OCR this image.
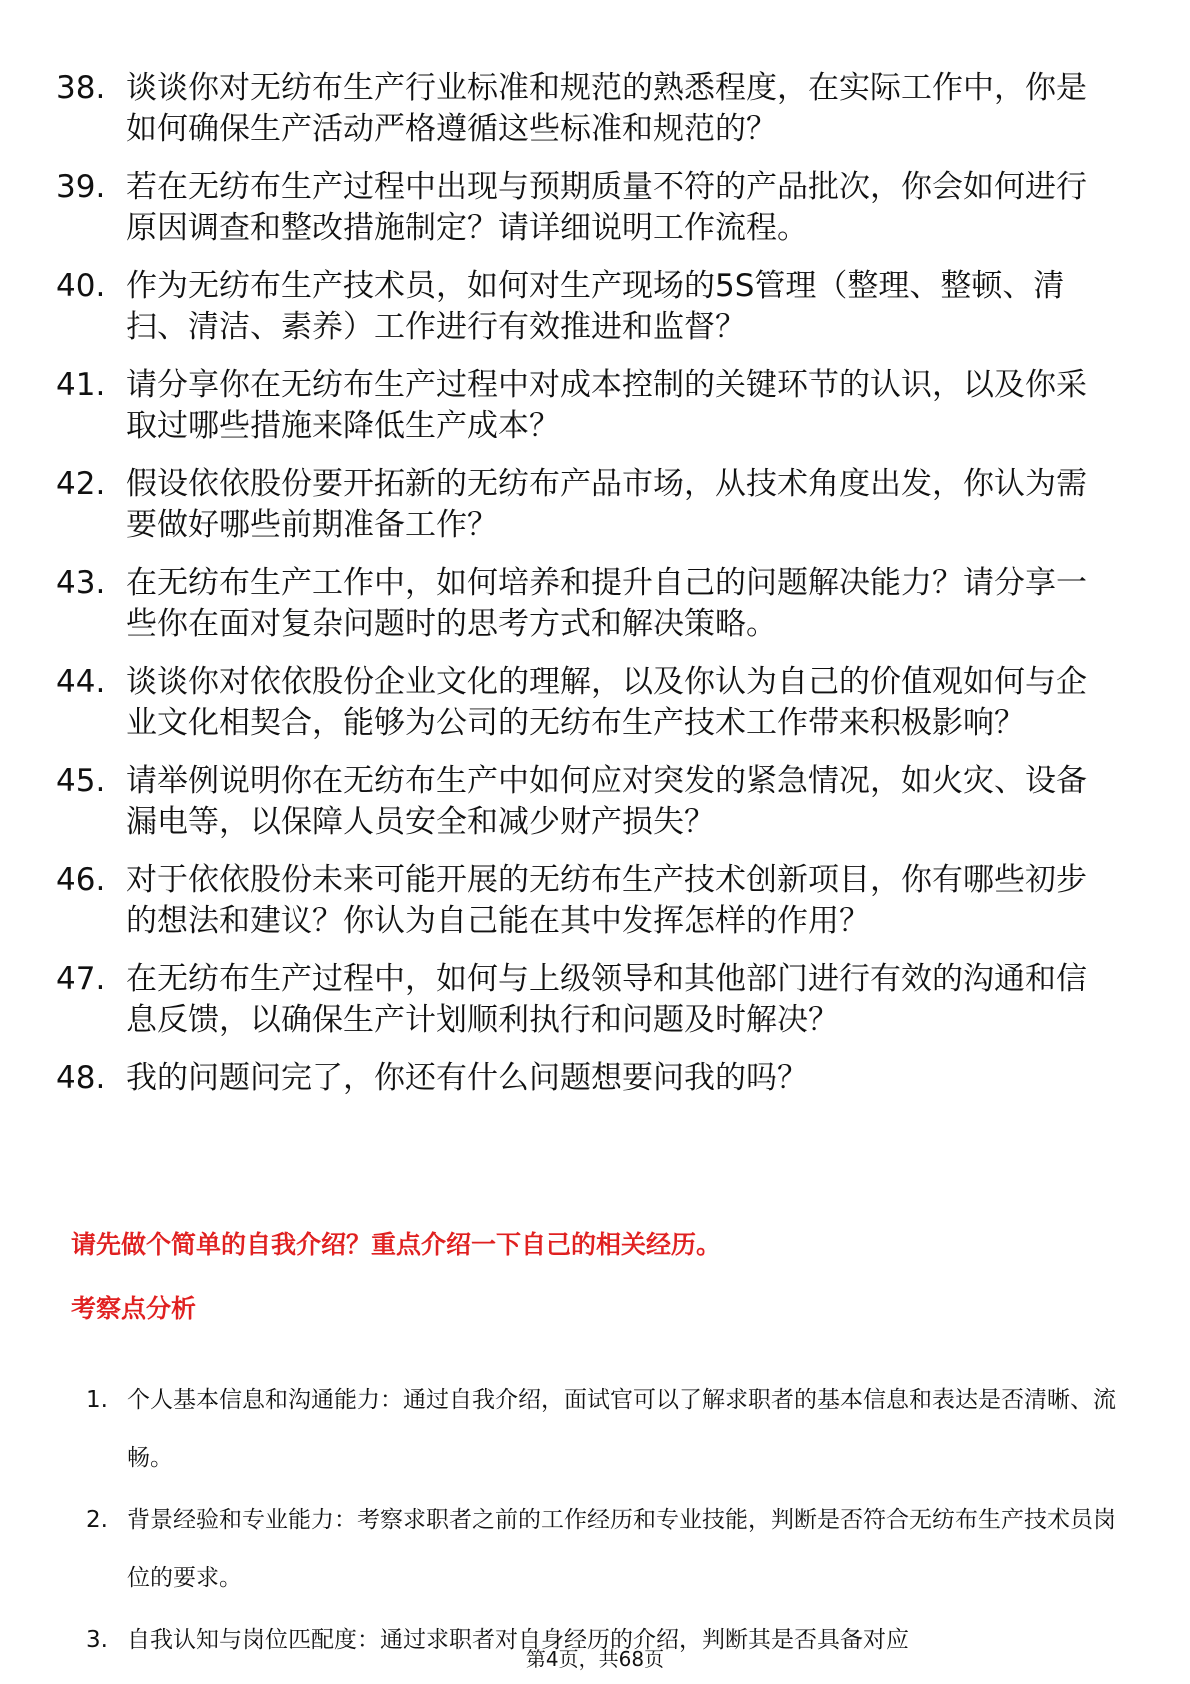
38. 谈谈你对无纺布生产行业标准和规范的熟悉程度，在实际工作中，你是如何确保生产活动严格遵循这些标准和规范的？
39. 若在无纺布生产过程中出现与预期质量不符的产品批次，你会如何进行原因调查和整改措施制定？请详细说明工作流程。
40. 作为无纺布生产技术员，如何对生产现场的5S管理（整理、整顿、清扫、清洁、素养）工作进行有效推进和监督？
41. 请分享你在无纺布生产过程中对成本控制的关键环节的认识，以及你采取过哪些措施来降低生产成本？
42. 假设依依股份要开拓新的无纺布产品市场，从技术角度出发，你认为需要做好哪些前期准备工作？
43. 在无纺布生产工作中，如何培养和提升自己的问题解决能力？请分享一些你在面对复杂问题时的思考方式和解决策略。
44. 谈谈你对依依股份企业文化的理解，以及你认为自己的价值观如何与企业文化相契合，能够为公司的无纺布生产技术工作带来积极影响？
45. 请举例说明你在无纺布生产中如何应对突发的紧急情况，如火灾、设备漏电等，以保障人员安全和减少财产损失？
46. 对于依依股份未来可能开展的无纺布生产技术创新项目，你有哪些初步的想法和建议？你认为自己能在其中发挥怎样的作用？
47. 在无纺布生产过程中，如何与上级领导和其他部门进行有效的沟通和信息反馈，以确保生产计划顺利执行和问题及时解决？
48. 我的问题问完了，你还有什么问题想要问我的吗？
请先做个简单的自我介绍？重点介绍一下自己的相关经历。
考察点分析
1. 个人基本信息和沟通能力：通过自我介绍，面试官可以了解求职者的基本信息和表达是否清晰、流畅。
2. 背景经验和专业能力：考察求职者之前的工作经历和专业技能，判断是否符合无纺布生产技术员岗位的要求。
3. 自我认知与岗位匹配度：通过求职者对自身经历的介绍，判断其是否具备对应
第4页，共68页
